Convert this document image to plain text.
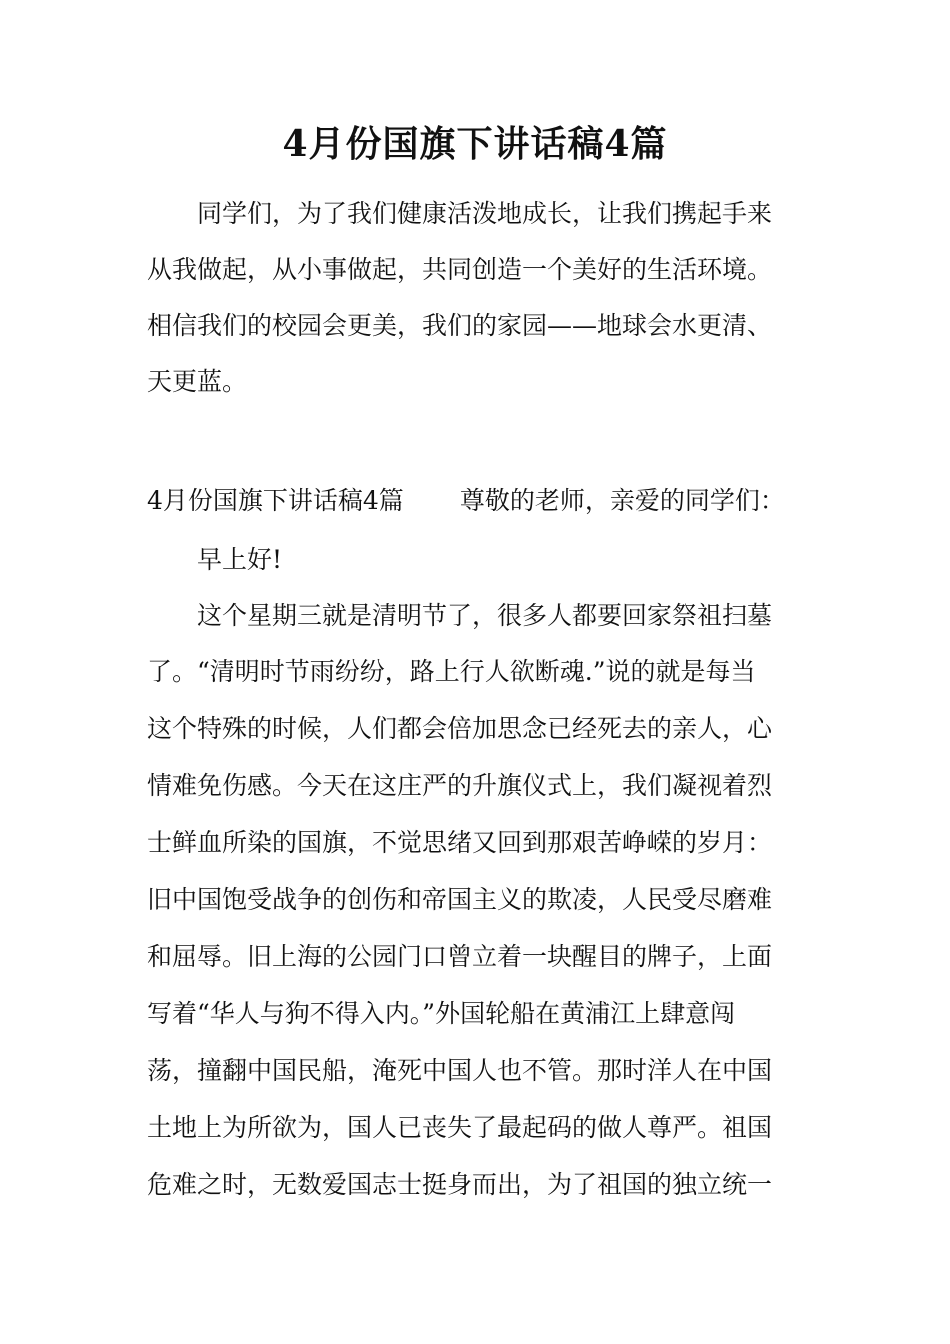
4月份国旗下讲话稿4篇

同学们，为了我们健康活泼地成长，让我们携起手来

从我做起，从小事做起，共同创造一个美好的生活环境。

相信我们的校园会更美，我们的家园——地球会水更清、

天更蓝。

4月份国旗下讲话稿4篇 尊敬的老师，亲爱的同学们：

早上好!

这个星期三就是清明节了，很多人都要回家祭祖扫墓

了。“清明时节雨纷纷，路上行人欲断魂.”说的就是每当

这个特殊的时候，人们都会倍加思念已经死去的亲人，心

情难免伤感。今天在这庄严的升旗仪式上，我们凝视着烈

士鲜血所染的国旗，不觉思绪又回到那艰苦峥嵘的岁月：

旧中国饱受战争的创伤和帝国主义的欺凌，人民受尽磨难

和屈辱。旧上海的公园门口曾立着一块醒目的牌子，上面

写着“华人与狗不得入内。”外国轮船在黄浦江上肆意闯

荡，撞翻中国民船，淹死中国人也不管。那时洋人在中国

土地上为所欲为，国人已丧失了最起码的做人尊严。祖国

危难之时，无数爱国志士挺身而出，为了祖国的独立统一
